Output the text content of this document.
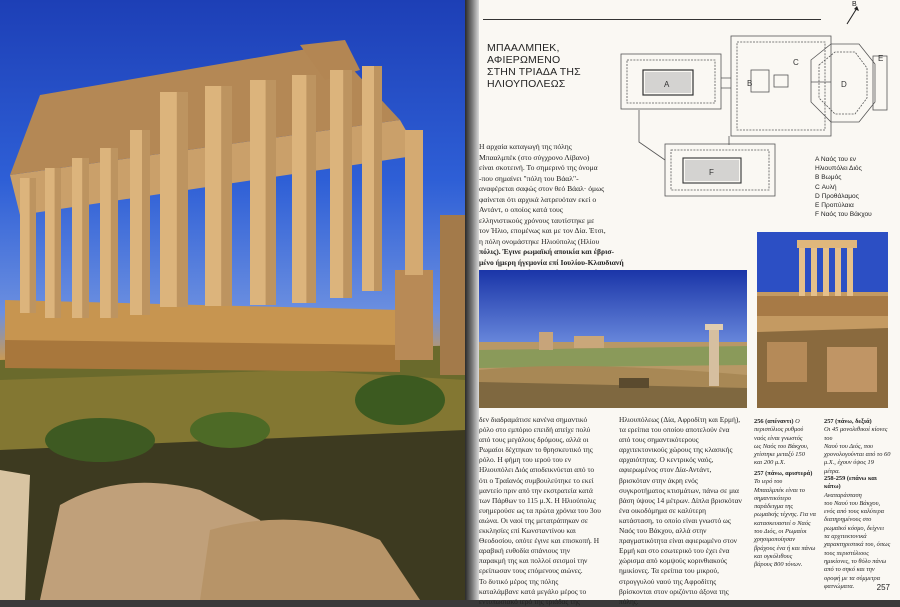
ΜΠΑΑΛΜΠΕΚ, ΑΦΙΕΡΩΜΕΝΟ
ΣΤΗΝ ΤΡΙΑΔΑ ΤΗΣ
ΗΛΙΟΥΠΟΛΕΩΣ
B
A	B
C
D
E
F
A Ναός του εν
Ηλιουπόλει Διός
B Βωμός
C Αυλή
D Προθάλαμος
E Προπύλαια
F Ναός του Βάκχου
Η αρχαία καταγωγή της πόλης
Μπααλμπέκ (στο σύγχρονο Λίβανο)
είναι σκοτεινή. Το σημερινό της όνομα
-που σημαίνει "πόλη του Βάαλ"-
αναφέρεται σαφώς στον θεό Βάαλ· όμως
φαίνεται ότι αρχικά λατρευόταν εκεί ο
Αντάντ, ο οποίος κατά τους
ελληνιστικούς χρόνους ταυτίστηκε με
τον Ήλιο, επομένως και με τον Δία. Έτσι,
η πόλη ονομάστηκε Ηλιούπολις (Ηλίου
πόλις). Έγινε ρωμαϊκή αποικία και έβρισ-
μένο ήμερη ήγεμονία επί Ιουλίου-Κλαυδιανή
δεν διαδραμάτισε κανένα σημαντικό
ρόλο στο εμπόριο επειδή απείχε πολύ
από τους μεγάλους δρόμους, αλλά οι
Ρωμαίοι δέχτηκαν το θρησκευτικό της
ρόλο. Η φήμη του ιερού του εν
Ηλιουπόλει Διός αποδεικνύεται από το
ότι ο Τραϊανός συμβουλεύτηκε το εκεί
μαντείο πριν από την εκστρατεία κατά
των Πάρθων το 115 μ.Χ. Η Ηλιούπολις
ευημερούσε ως τα πρώτα χρόνια του 3ου
αιώνα. Οι ναοί της μετατράπηκαν σε
εκκλησίες επί Κωνσταντίνου και
Θεοδοσίου, οπότε έγινε και επισκοπή. Η
αραβική ευθοδία σπάνιους την
παρακμή της και πολλοί σεισμοί την
ερείπωσαν τους επόμενους αιώνες.
Το δυτικό μέρος της πόλης
καταλάμβανε κατά μεγάλο μέρος το
εντυπωσιακό ιερό της τριάδας της
Ηλιουπόλεως (Δία, Αφροδίτη και Ερμή),
τα ερείπια του οποίου αποτελούν ένα
από τους σημαντικότερους
αρχιτεκτονικούς χώρους της κλασικής
αρχαιότητας. Ο κεντρικός ναός,
αφιερωμένος στον Δία-Αντάντ,
βρισκόταν στην άκρη ενός
συγκροτήματος κτισμάτων, πάνω σε μια
βάση ύψους 14 μέτρων. Δίπλα βρισκόταν
ένα οικοδόμημα σε καλύτερη
κατάσταση, το οποίο είναι γνωστό ως
Ναός του Βάκχου, αλλά στην
πραγματικότητα είναι αφιερωμένο στον
Ερμή και στο εσωτερικό του έχει ένα
χώρισμα από κομψούς κορινθιακούς
ημικίονες. Τα ερείπια του μικρού,
στρογγυλού ναού της Αφροδίτης
βρίσκονται στον οριζόντιο άξονα της
πόλης.
256 (απέναντι) Ο
περιστύλιος ρυθμού
ναός είναι γνωστός
ως Ναός του Βάκχου,
χτίστηκε μεταξύ 150
και 200 μ.Χ.
257 (πάνω, αριστερά)
Το ιερό του
Μπααλμπέκ είναι το
σημαντικότερο
παράδειγμα της
ρωμαϊκής τέχνης. Για να
κατασκευαστεί ο Ναός
του Διός, οι Ρωμαίοι
χρησιμοποίησαν
βράχους ένα ή και πάνω
και ογκόλιθους
βάρους 800 τόνων.
257 (πάνω, δεξιά)
Οι 45 μονολιθικοί κίονες του
Ναού του Διός, που
χρονολογούνται από το 60
μ.Χ., έχουν ύψος 19
μέτρα.
258-259 (επάνω και κάτω)
Αναπαράσταση
του Ναού του Βάκχου,
ενός από τους καλύτερα
διατηρημένους στο
ρωμαϊκό κόσμο, δείχνει
τα αρχιτεκτονικά
χαρακτηριστικά του, όπως
τους περιστύλιους
ημικίονες, το θόλο πάνω
από το σηκό και την
οροφή με τα σύμμετρα
φατνώματα.	257
